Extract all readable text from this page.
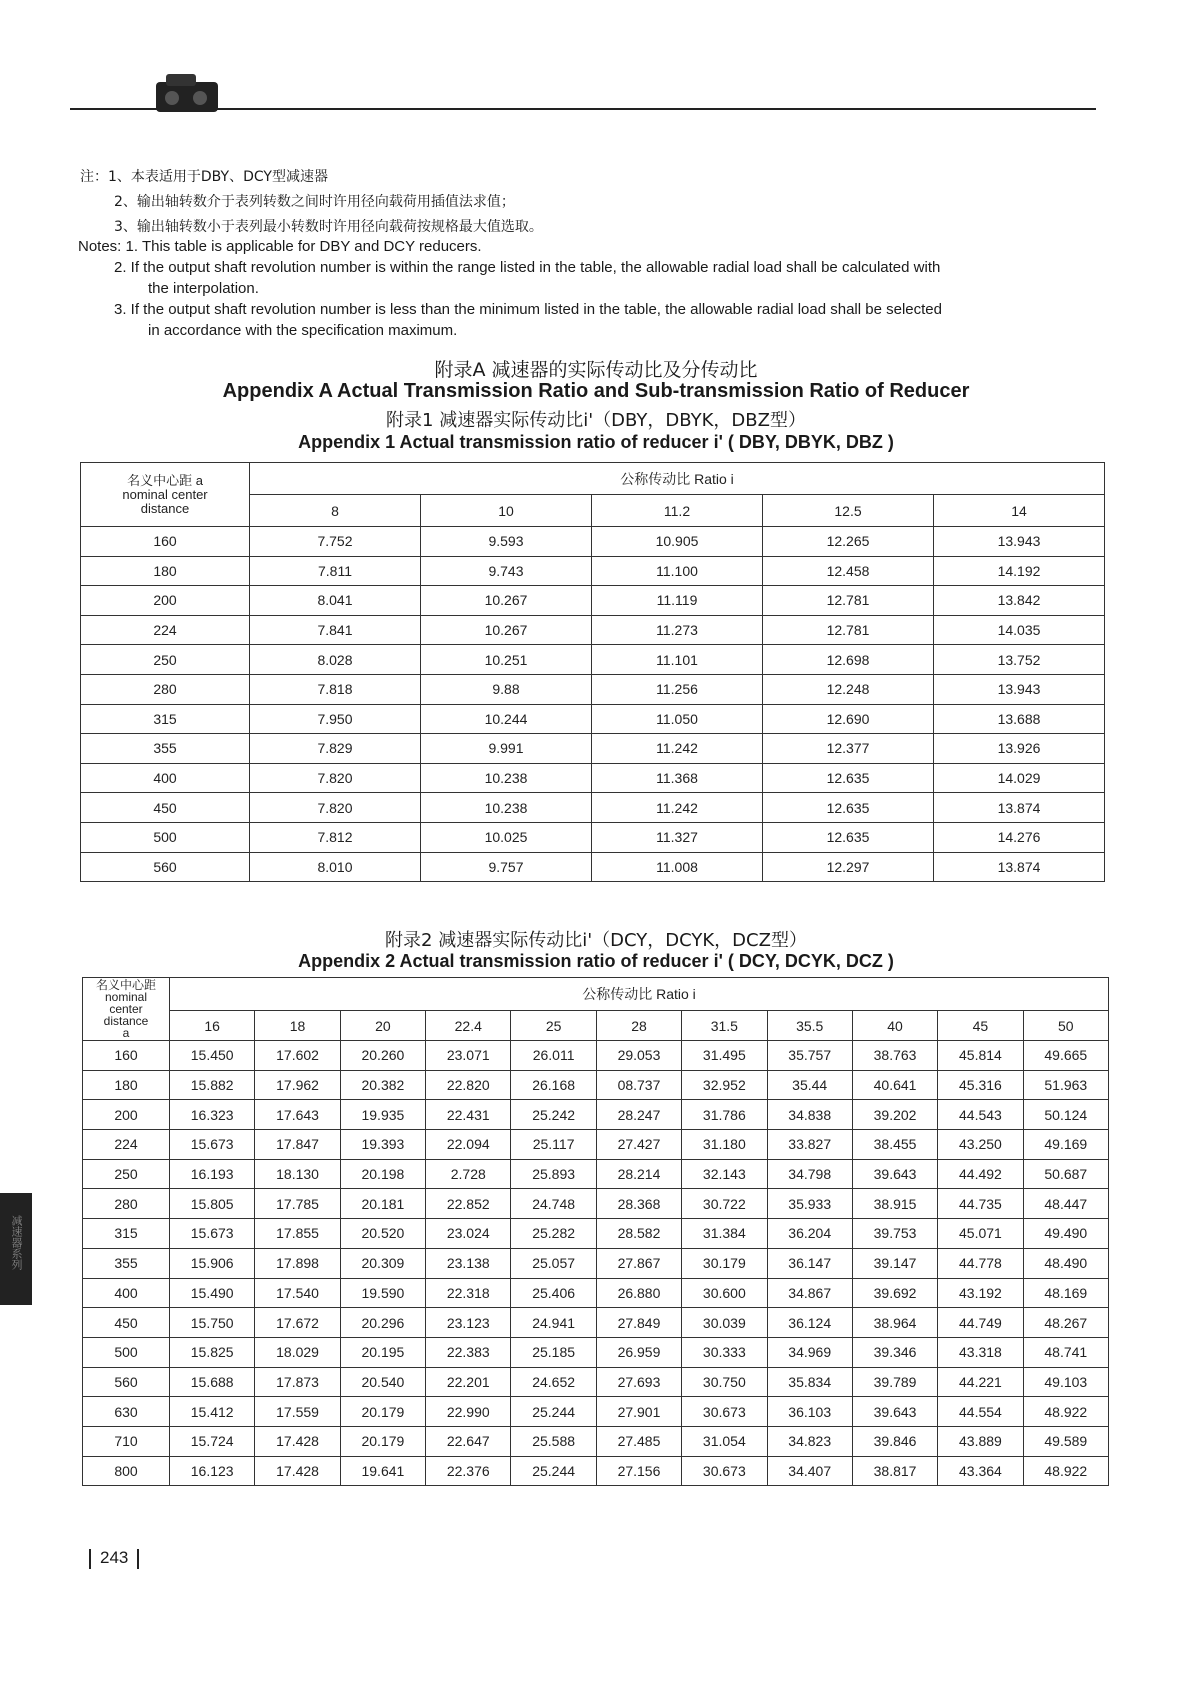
注：1、本表适用于DBY、DCY型减速器
2、输出轴转数介于表列转数之间时许用径向载荷用插值法求值；
3、输出轴转数小于表列最小转数时许用径向载荷按规格最大值选取。
Notes: 1. This table is applicable for DBY and DCY reducers.
2. If the output shaft revolution number is within the range listed in the table, the allowable radial load shall be calculated with
the interpolation.
3. If the output shaft revolution number is less than the minimum listed in the table, the allowable radial load shall be selected
in accordance with the specification maximum.
附录A 减速器的实际传动比及分传动比
Appendix A Actual Transmission Ratio and Sub-transmission Ratio of Reducer
附录1 减速器实际传动比i'（DBY，DBYK，DBZ型）
Appendix 1 Actual transmission ratio of reducer i' ( DBY, DBYK, DBZ )
名义中心距 a
nominal center
distance	公称传动比 Ratio i				
	8	10	11.2	12.5	14
160	7.752	9.593	10.905	12.265	13.943
180	7.811	9.743	11.100	12.458	14.192
200	8.041	10.267	11.119	12.781	13.842
224	7.841	10.267	11.273	12.781	14.035
250	8.028	10.251	11.101	12.698	13.752
280	7.818	9.88	11.256	12.248	13.943
315	7.950	10.244	11.050	12.690	13.688
355	7.829	9.991	11.242	12.377	13.926
400	7.820	10.238	11.368	12.635	14.029
450	7.820	10.238	11.242	12.635	13.874
500	7.812	10.025	11.327	12.635	14.276
560	8.010	9.757	11.008	12.297	13.874
附录2 减速器实际传动比i'（DCY，DCYK，DCZ型）
Appendix 2 Actual transmission ratio of reducer i' ( DCY, DCYK, DCZ )
名义中心距
nominal
center
distance
a	公称传动比 Ratio i										
	16	18	20	22.4	25	28	31.5	35.5	40	45	50
160	15.450	17.602	20.260	23.071	26.011	29.053	31.495	35.757	38.763	45.814	49.665
180	15.882	17.962	20.382	22.820	26.168	08.737	32.952	35.44	40.641	45.316	51.963
200	16.323	17.643	19.935	22.431	25.242	28.247	31.786	34.838	39.202	44.543	50.124
224	15.673	17.847	19.393	22.094	25.117	27.427	31.180	33.827	38.455	43.250	49.169
250	16.193	18.130	20.198	2.728	25.893	28.214	32.143	34.798	39.643	44.492	50.687
280	15.805	17.785	20.181	22.852	24.748	28.368	30.722	35.933	38.915	44.735	48.447
315	15.673	17.855	20.520	23.024	25.282	28.582	31.384	36.204	39.753	45.071	49.490
355	15.906	17.898	20.309	23.138	25.057	27.867	30.179	36.147	39.147	44.778	48.490
400	15.490	17.540	19.590	22.318	25.406	26.880	30.600	34.867	39.692	43.192	48.169
450	15.750	17.672	20.296	23.123	24.941	27.849	30.039	36.124	38.964	44.749	48.267
500	15.825	18.029	20.195	22.383	25.185	26.959	30.333	34.969	39.346	43.318	48.741
560	15.688	17.873	20.540	22.201	24.652	27.693	30.750	35.834	39.789	44.221	49.103
630	15.412	17.559	20.179	22.990	25.244	27.901	30.673	36.103	39.643	44.554	48.922
710	15.724	17.428	20.179	22.647	25.588	27.485	31.054	34.823	39.846	43.889	49.589
800	16.123	17.428	19.641	22.376	25.244	27.156	30.673	34.407	38.817	43.364	48.922
减速器系列
243
